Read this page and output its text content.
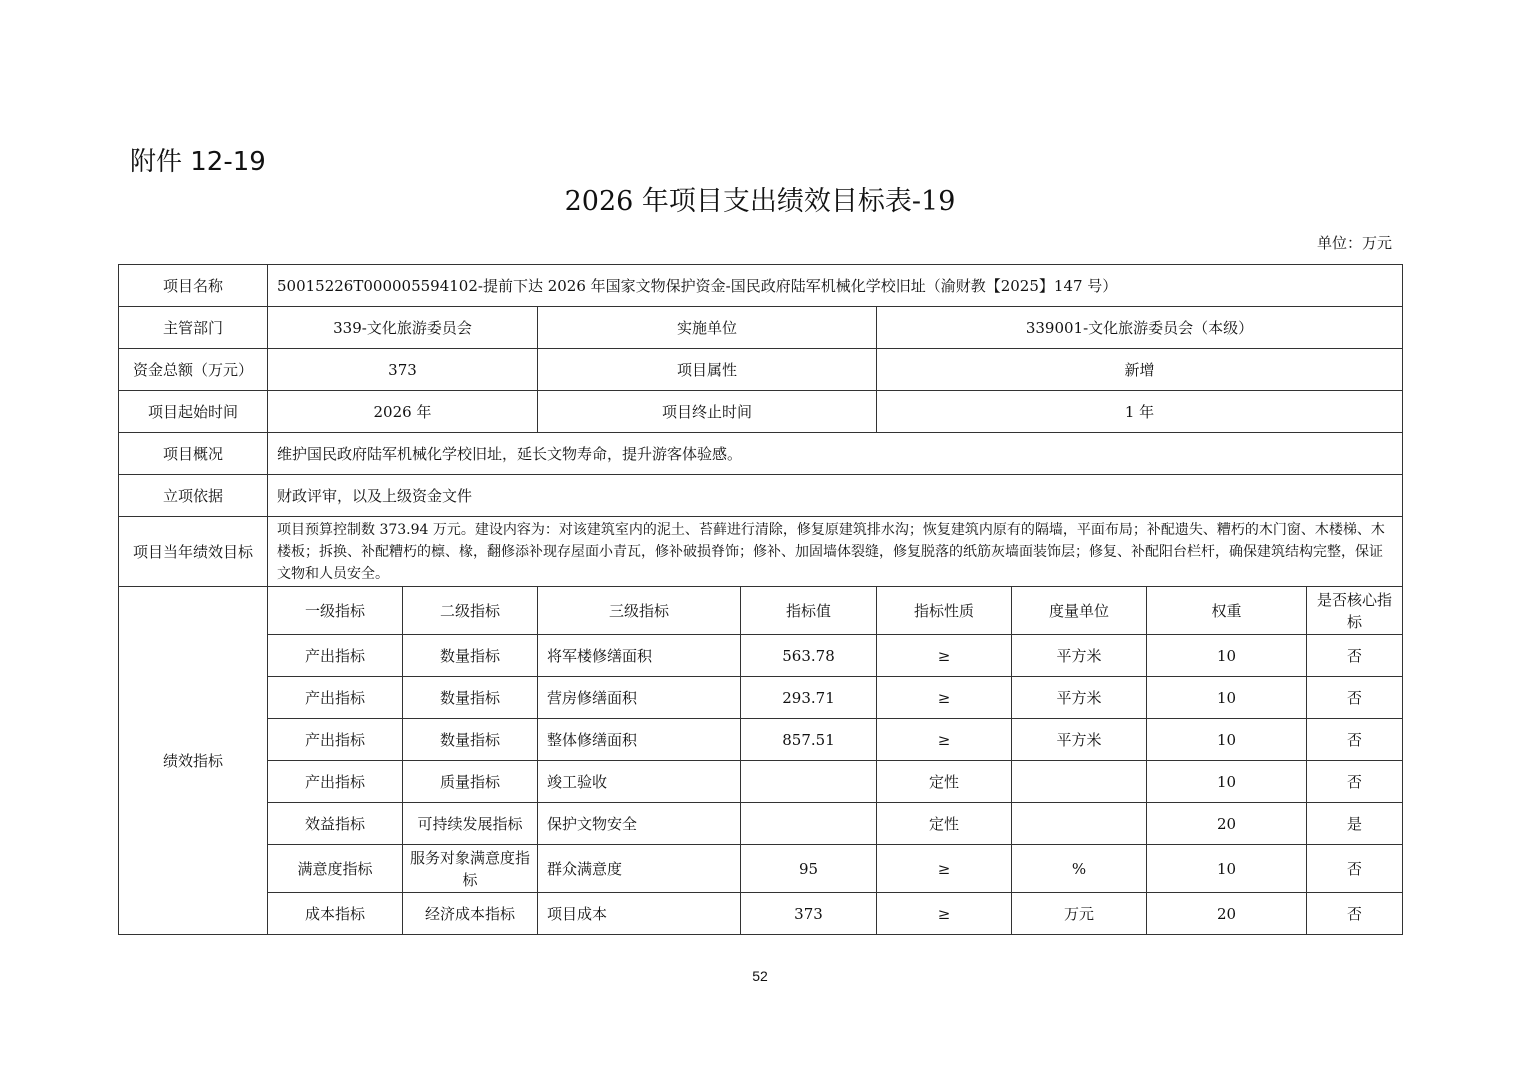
附件 12-19
2026 年项目支出绩效目标表-19
单位：万元
项目名称	50015226T000005594102-提前下达 2026 年国家文物保护资金-国民政府陆军机械化学校旧址（渝财教【2025】147 号）							
主管部门	339-文化旅游委员会		实施单位		339001-文化旅游委员会（本级）			
资金总额（万元）	373		项目属性		新增			
项目起始时间	2026 年		项目终止时间		1 年			
项目概况	维护国民政府陆军机械化学校旧址，延长文物寿命，提升游客体验感。							
立项依据	财政评审，以及上级资金文件							
项目当年绩效目标	项目预算控制数 373.94 万元。建设内容为：对该建筑室内的泥土、苔藓进行清除，修复原建筑排水沟；恢复建筑内原有的隔墙，平面布局；补配遗失、糟朽的木门窗、木楼梯、木楼板；拆换、补配糟朽的檩、椽，翻修添补现存屋面小青瓦，修补破损脊饰；修补、加固墙体裂缝，修复脱落的纸筋灰墙面装饰层；修复、补配阳台栏杆，确保建筑结构完整，保证文物和人员安全。							
绩效指标	一级指标	二级指标	三级指标	指标值	指标性质	度量单位	权重	是否核心指标
	产出指标	数量指标	将军楼修缮面积	563.78	≥	平方米	10	否
	产出指标	数量指标	营房修缮面积	293.71	≥	平方米	10	否
	产出指标	数量指标	整体修缮面积	857.51	≥	平方米	10	否
	产出指标	质量指标	竣工验收		定性		10	否
	效益指标	可持续发展指标	保护文物安全		定性		20	是
	满意度指标	服务对象满意度指标	群众满意度	95	≥	%	10	否
	成本指标	经济成本指标	项目成本	373	≥	万元	20	否
52
